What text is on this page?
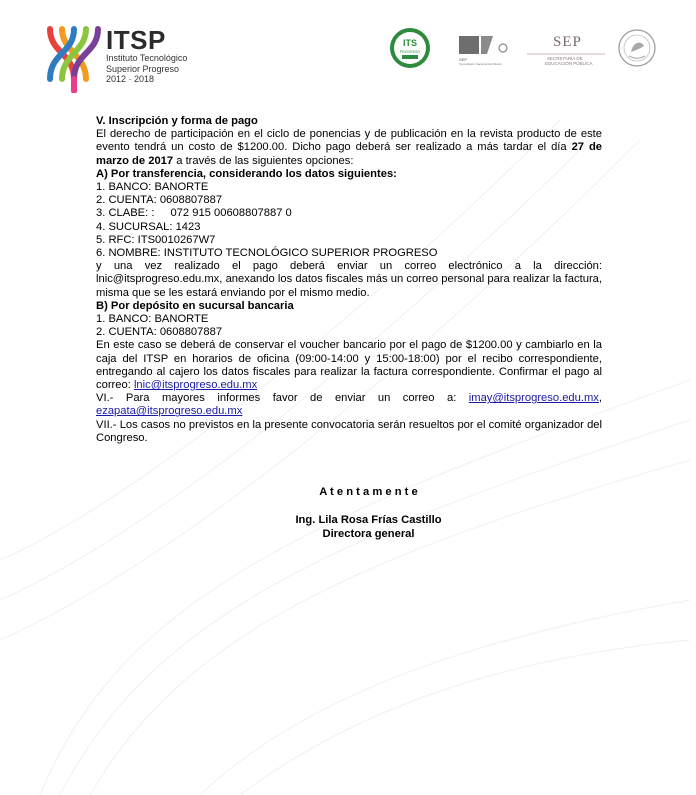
ITSP
Instituto Tecnológico
Superior Progreso
2012 · 2018
ITS
PROGRESO
SEP
Tecnológico Nacional de México
SEP
SECRETARÍA DE
EDUCACIÓN PÚBLICA

V. Inscripción y forma de pago

El derecho de participación en el ciclo de ponencias y de publicación en la revista producto de este evento tendrá un costo de $1200.00. Dicho pago deberá ser realizado a más tardar el día 27 de marzo de 2017 a través de las siguientes opciones:

A) Por transferencia, considerando los datos siguientes:

1. BANCO: BANORTE

2. CUENTA: 0608807887

3. CLABE: : 072 915 00608807887 0

4. SUCURSAL: 1423

5. RFC: ITS0010267W7

6. NOMBRE: INSTITUTO TECNOLÓGICO SUPERIOR PROGRESO

y una vez realizado el pago deberá enviar un correo electrónico a la dirección: lnic@itsprogreso.edu.mx, anexando los datos fiscales más un correo personal para realizar la factura, misma que se les estará enviando por el mismo medio.

B) Por depósito en sucursal bancaria

1. BANCO: BANORTE

2. CUENTA: 0608807887

En este caso se deberá de conservar el voucher bancario por el pago de $1200.00 y cambiarlo en la caja del ITSP en horarios de oficina (09:00-14:00 y 15:00-18:00) por el recibo correspondiente, entregando al cajero los datos fiscales para realizar la factura correspondiente. Confirmar el pago al correo: lnic@itsprogreso.edu.mx

VI.- Para mayores informes favor de enviar un correo a: imay@itsprogreso.edu.mx, ezapata@itsprogreso.edu.mx

VII.- Los casos no previstos en la presente convocatoria serán resueltos por el comité organizador del Congreso.

A t e n t a m e n t e
Ing. Lila Rosa Frías Castillo
Directora general
